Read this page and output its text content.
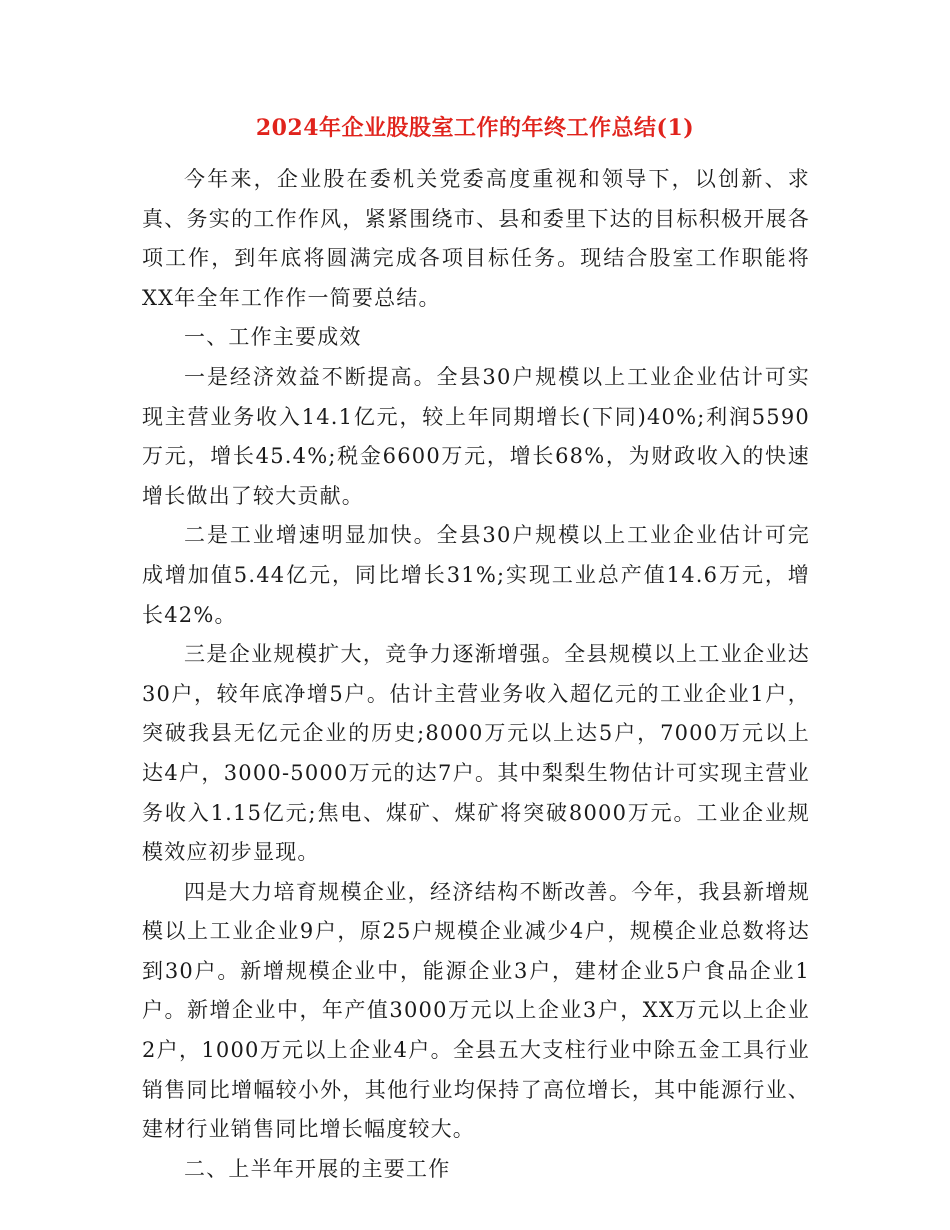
2024年企业股股室工作的年终工作总结(1)

今年来，企业股在委机关党委高度重视和领导下，以创新、求真、务实的工作作风，紧紧围绕市、县和委里下达的目标积极开展各项工作，到年底将圆满完成各项目标任务。现结合股室工作职能将XX年全年工作作一简要总结。

一、工作主要成效

一是经济效益不断提高。全县30户规模以上工业企业估计可实现主营业务收入14.1亿元，较上年同期增长(下同)40%;利润5590万元，增长45.4%;税金6600万元，增长68%，为财政收入的快速增长做出了较大贡献。

二是工业增速明显加快。全县30户规模以上工业企业估计可完成增加值5.44亿元，同比增长31%;实现工业总产值14.6万元，增长42%。

三是企业规模扩大，竞争力逐渐增强。全县规模以上工业企业达30户，较年底净增5户。估计主营业务收入超亿元的工业企业1户，突破我县无亿元企业的历史;8000万元以上达5户，7000万元以上达4户，3000-5000万元的达7户。其中梨梨生物估计可实现主营业务收入1.15亿元;焦电、煤矿、煤矿将突破8000万元。工业企业规模效应初步显现。

四是大力培育规模企业，经济结构不断改善。今年，我县新增规模以上工业企业9户，原25户规模企业减少4户，规模企业总数将达到30户。新增规模企业中，能源企业3户，建材企业5户食品企业1户。新增企业中，年产值3000万元以上企业3户，XX万元以上企业2户，1000万元以上企业4户。全县五大支柱行业中除五金工具行业销售同比增幅较小外，其他行业均保持了高位增长，其中能源行业、建材行业销售同比增长幅度较大。

二、上半年开展的主要工作
